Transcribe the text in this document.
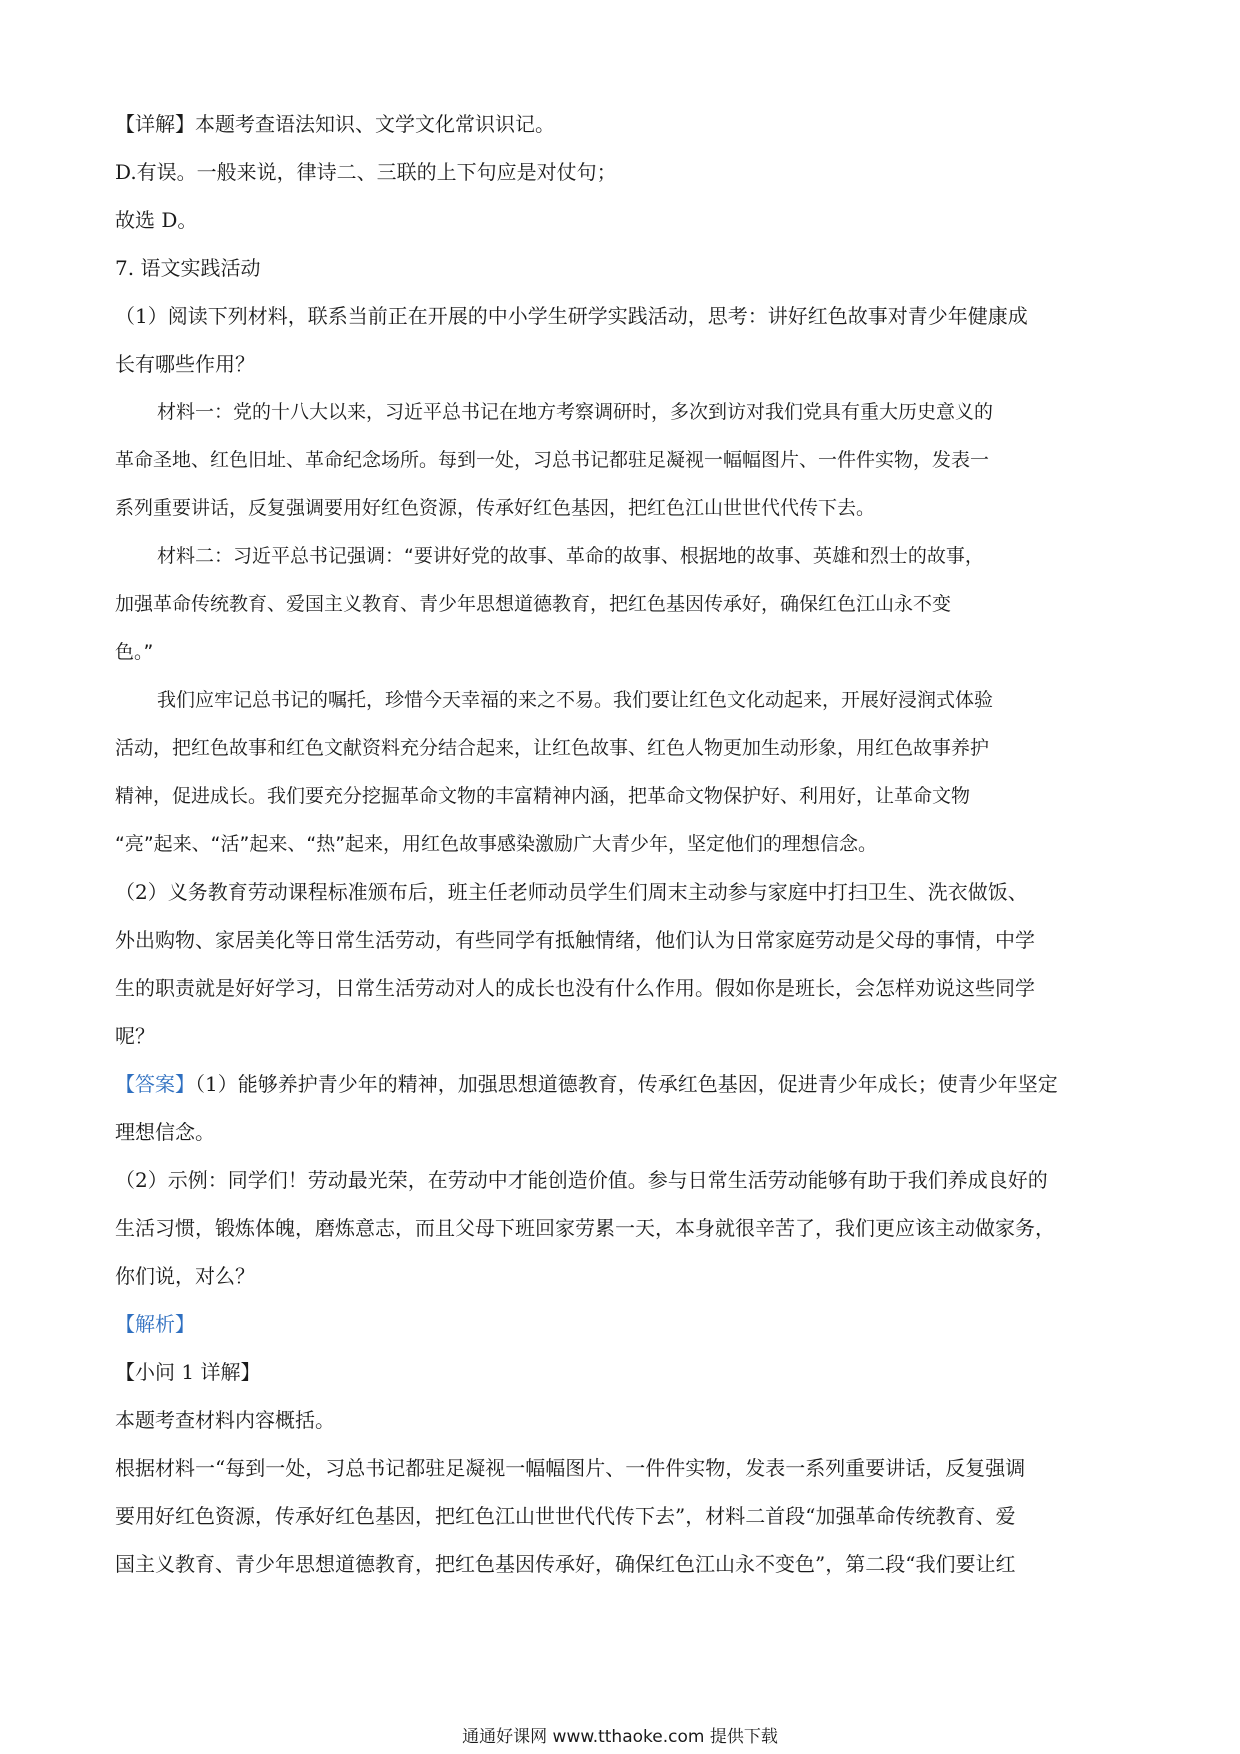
【详解】本题考查语法知识、文学文化常识识记。

D.有误。一般来说，律诗二、三联的上下句应是对仗句；

故选 D。

7. 语文实践活动

（1）阅读下列材料，联系当前正在开展的中小学生研学实践活动，思考：讲好红色故事对青少年健康成

长有哪些作用？

材料一：党的十八大以来，习近平总书记在地方考察调研时，多次到访对我们党具有重大历史意义的

革命圣地、红色旧址、革命纪念场所。每到一处，习总书记都驻足凝视一幅幅图片、一件件实物，发表一

系列重要讲话，反复强调要用好红色资源，传承好红色基因，把红色江山世世代代传下去。

材料二：习近平总书记强调：“要讲好党的故事、革命的故事、根据地的故事、英雄和烈士的故事，

加强革命传统教育、爱国主义教育、青少年思想道德教育，把红色基因传承好，确保红色江山永不变

色。”

我们应牢记总书记的嘱托，珍惜今天幸福的来之不易。我们要让红色文化动起来，开展好浸润式体验

活动，把红色故事和红色文献资料充分结合起来，让红色故事、红色人物更加生动形象，用红色故事养护

精神，促进成长。我们要充分挖掘革命文物的丰富精神内涵，把革命文物保护好、利用好，让革命文物

“亮”起来、“活”起来、“热”起来，用红色故事感染激励广大青少年，坚定他们的理想信念。

（2）义务教育劳动课程标准颁布后，班主任老师动员学生们周末主动参与家庭中打扫卫生、洗衣做饭、

外出购物、家居美化等日常生活劳动，有些同学有抵触情绪，他们认为日常家庭劳动是父母的事情，中学

生的职责就是好好学习，日常生活劳动对人的成长也没有什么作用。假如你是班长，会怎样劝说这些同学

呢？

【答案】（1）能够养护青少年的精神，加强思想道德教育，传承红色基因，促进青少年成长；使青少年坚定

理想信念。

（2）示例：同学们！劳动最光荣，在劳动中才能创造价值。参与日常生活劳动能够有助于我们养成良好的

生活习惯，锻炼体魄，磨炼意志，而且父母下班回家劳累一天，本身就很辛苦了，我们更应该主动做家务，

你们说，对么？

【解析】

【小问 1 详解】

本题考查材料内容概括。

根据材料一“每到一处，习总书记都驻足凝视一幅幅图片、一件件实物，发表一系列重要讲话，反复强调

要用好红色资源，传承好红色基因，把红色江山世世代代传下去”，材料二首段“加强革命传统教育、爱

国主义教育、青少年思想道德教育，把红色基因传承好，确保红色江山永不变色”，第二段“我们要让红

通通好课网 www.tthaoke.com 提供下载
